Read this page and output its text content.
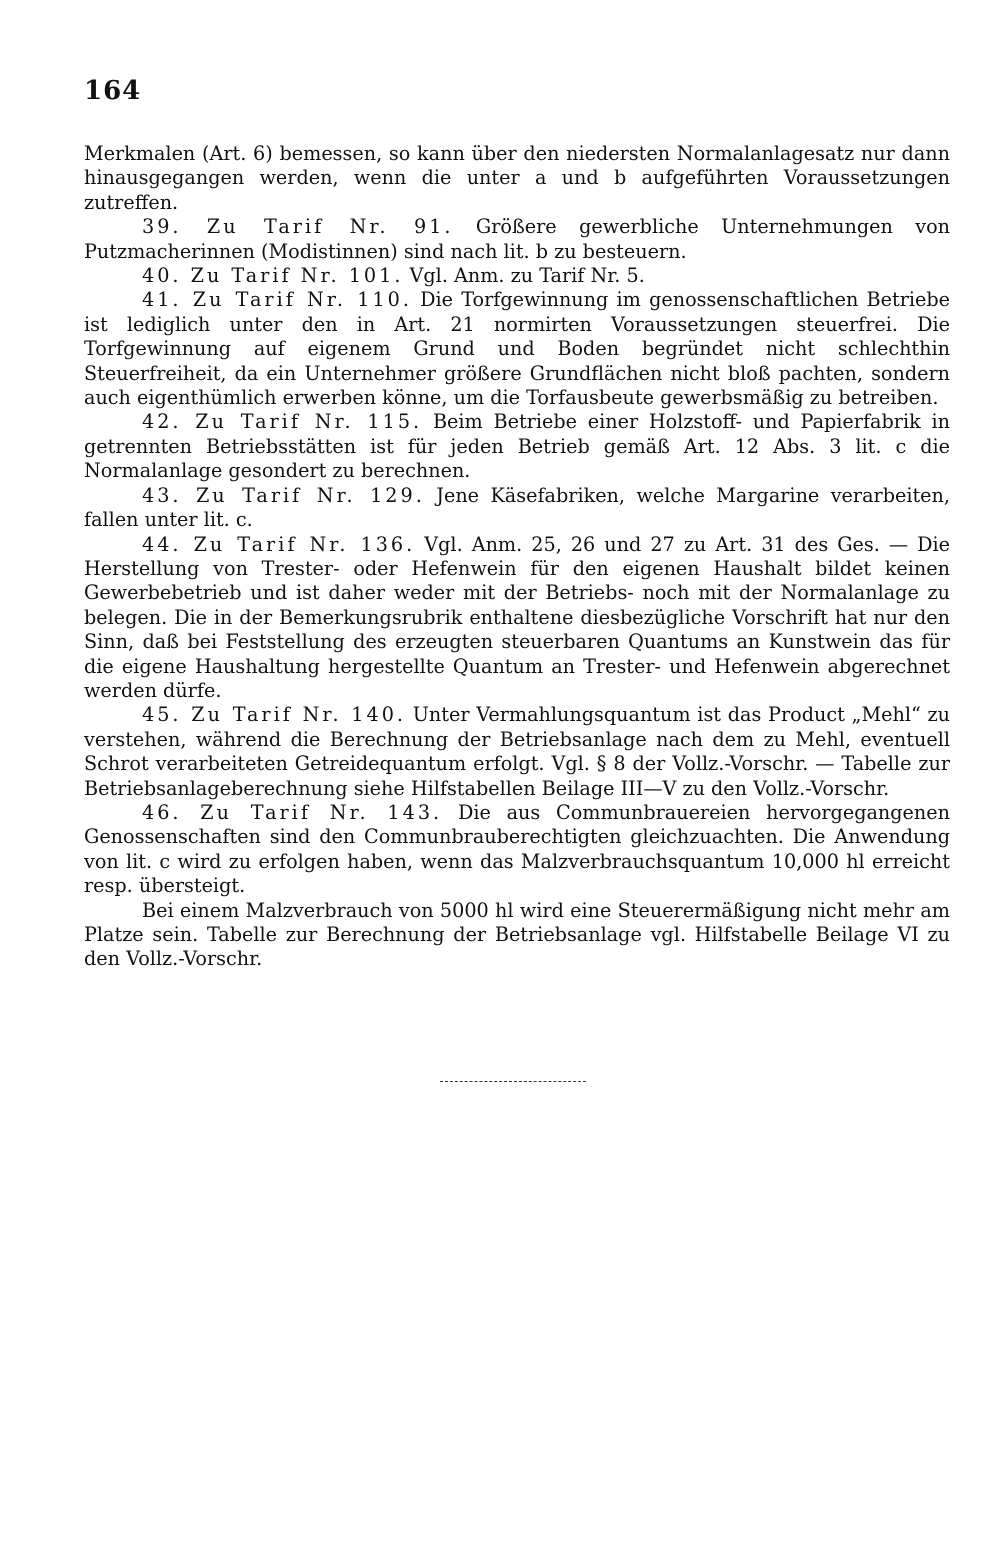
164

Merkmalen (Art. 6) bemessen, so kann über den niedersten Normalanlagesatz nur dann hinausgegangen werden, wenn die unter a und b aufgeführten Voraussetzungen zutreffen.

39. Zu Tarif Nr. 91. Größere gewerbliche Unternehmungen von Putzmacherinnen (Modistinnen) sind nach lit. b zu besteuern.

40. Zu Tarif Nr. 101. Vgl. Anm. zu Tarif Nr. 5.

41. Zu Tarif Nr. 110. Die Torfgewinnung im genossenschaftlichen Betriebe ist lediglich unter den in Art. 21 normirten Voraussetzungen steuerfrei. Die Torfgewinnung auf eigenem Grund und Boden begründet nicht schlechthin Steuerfreiheit, da ein Unternehmer größere Grundflächen nicht bloß pachten, sondern auch eigenthümlich erwerben könne, um die Torfausbeute gewerbsmäßig zu betreiben.

42. Zu Tarif Nr. 115. Beim Betriebe einer Holzstoff- und Papierfabrik in getrennten Betriebsstätten ist für jeden Betrieb gemäß Art. 12 Abs. 3 lit. c die Normalanlage gesondert zu berechnen.

43. Zu Tarif Nr. 129. Jene Käsefabriken, welche Margarine verarbeiten, fallen unter lit. c.

44. Zu Tarif Nr. 136. Vgl. Anm. 25, 26 und 27 zu Art. 31 des Ges. — Die Herstellung von Trester- oder Hefenwein für den eigenen Haushalt bildet keinen Gewerbebetrieb und ist daher weder mit der Betriebs- noch mit der Normalanlage zu belegen. Die in der Bemerkungsrubrik enthaltene diesbezügliche Vorschrift hat nur den Sinn, daß bei Feststellung des erzeugten steuerbaren Quantums an Kunstwein das für die eigene Haushaltung hergestellte Quantum an Trester- und Hefenwein abgerechnet werden dürfe.

45. Zu Tarif Nr. 140. Unter Vermahlungsquantum ist das Product „Mehl“ zu verstehen, während die Berechnung der Betriebsanlage nach dem zu Mehl, eventuell Schrot verarbeiteten Getreidequantum erfolgt. Vgl. § 8 der Vollz.-Vorschr. — Tabelle zur Betriebsanlageberechnung siehe Hilfstabellen Beilage III—V zu den Vollz.-Vorschr.

46. Zu Tarif Nr. 143. Die aus Communbrauereien hervorgegangenen Genossenschaften sind den Communbrauberechtigten gleichzuachten. Die Anwendung von lit. c wird zu erfolgen haben, wenn das Malzverbrauchsquantum 10,000 hl erreicht resp. übersteigt.

Bei einem Malzverbrauch von 5000 hl wird eine Steuerermäßigung nicht mehr am Platze sein. Tabelle zur Berechnung der Betriebsanlage vgl. Hilfstabelle Beilage VI zu den Vollz.-Vorschr.
